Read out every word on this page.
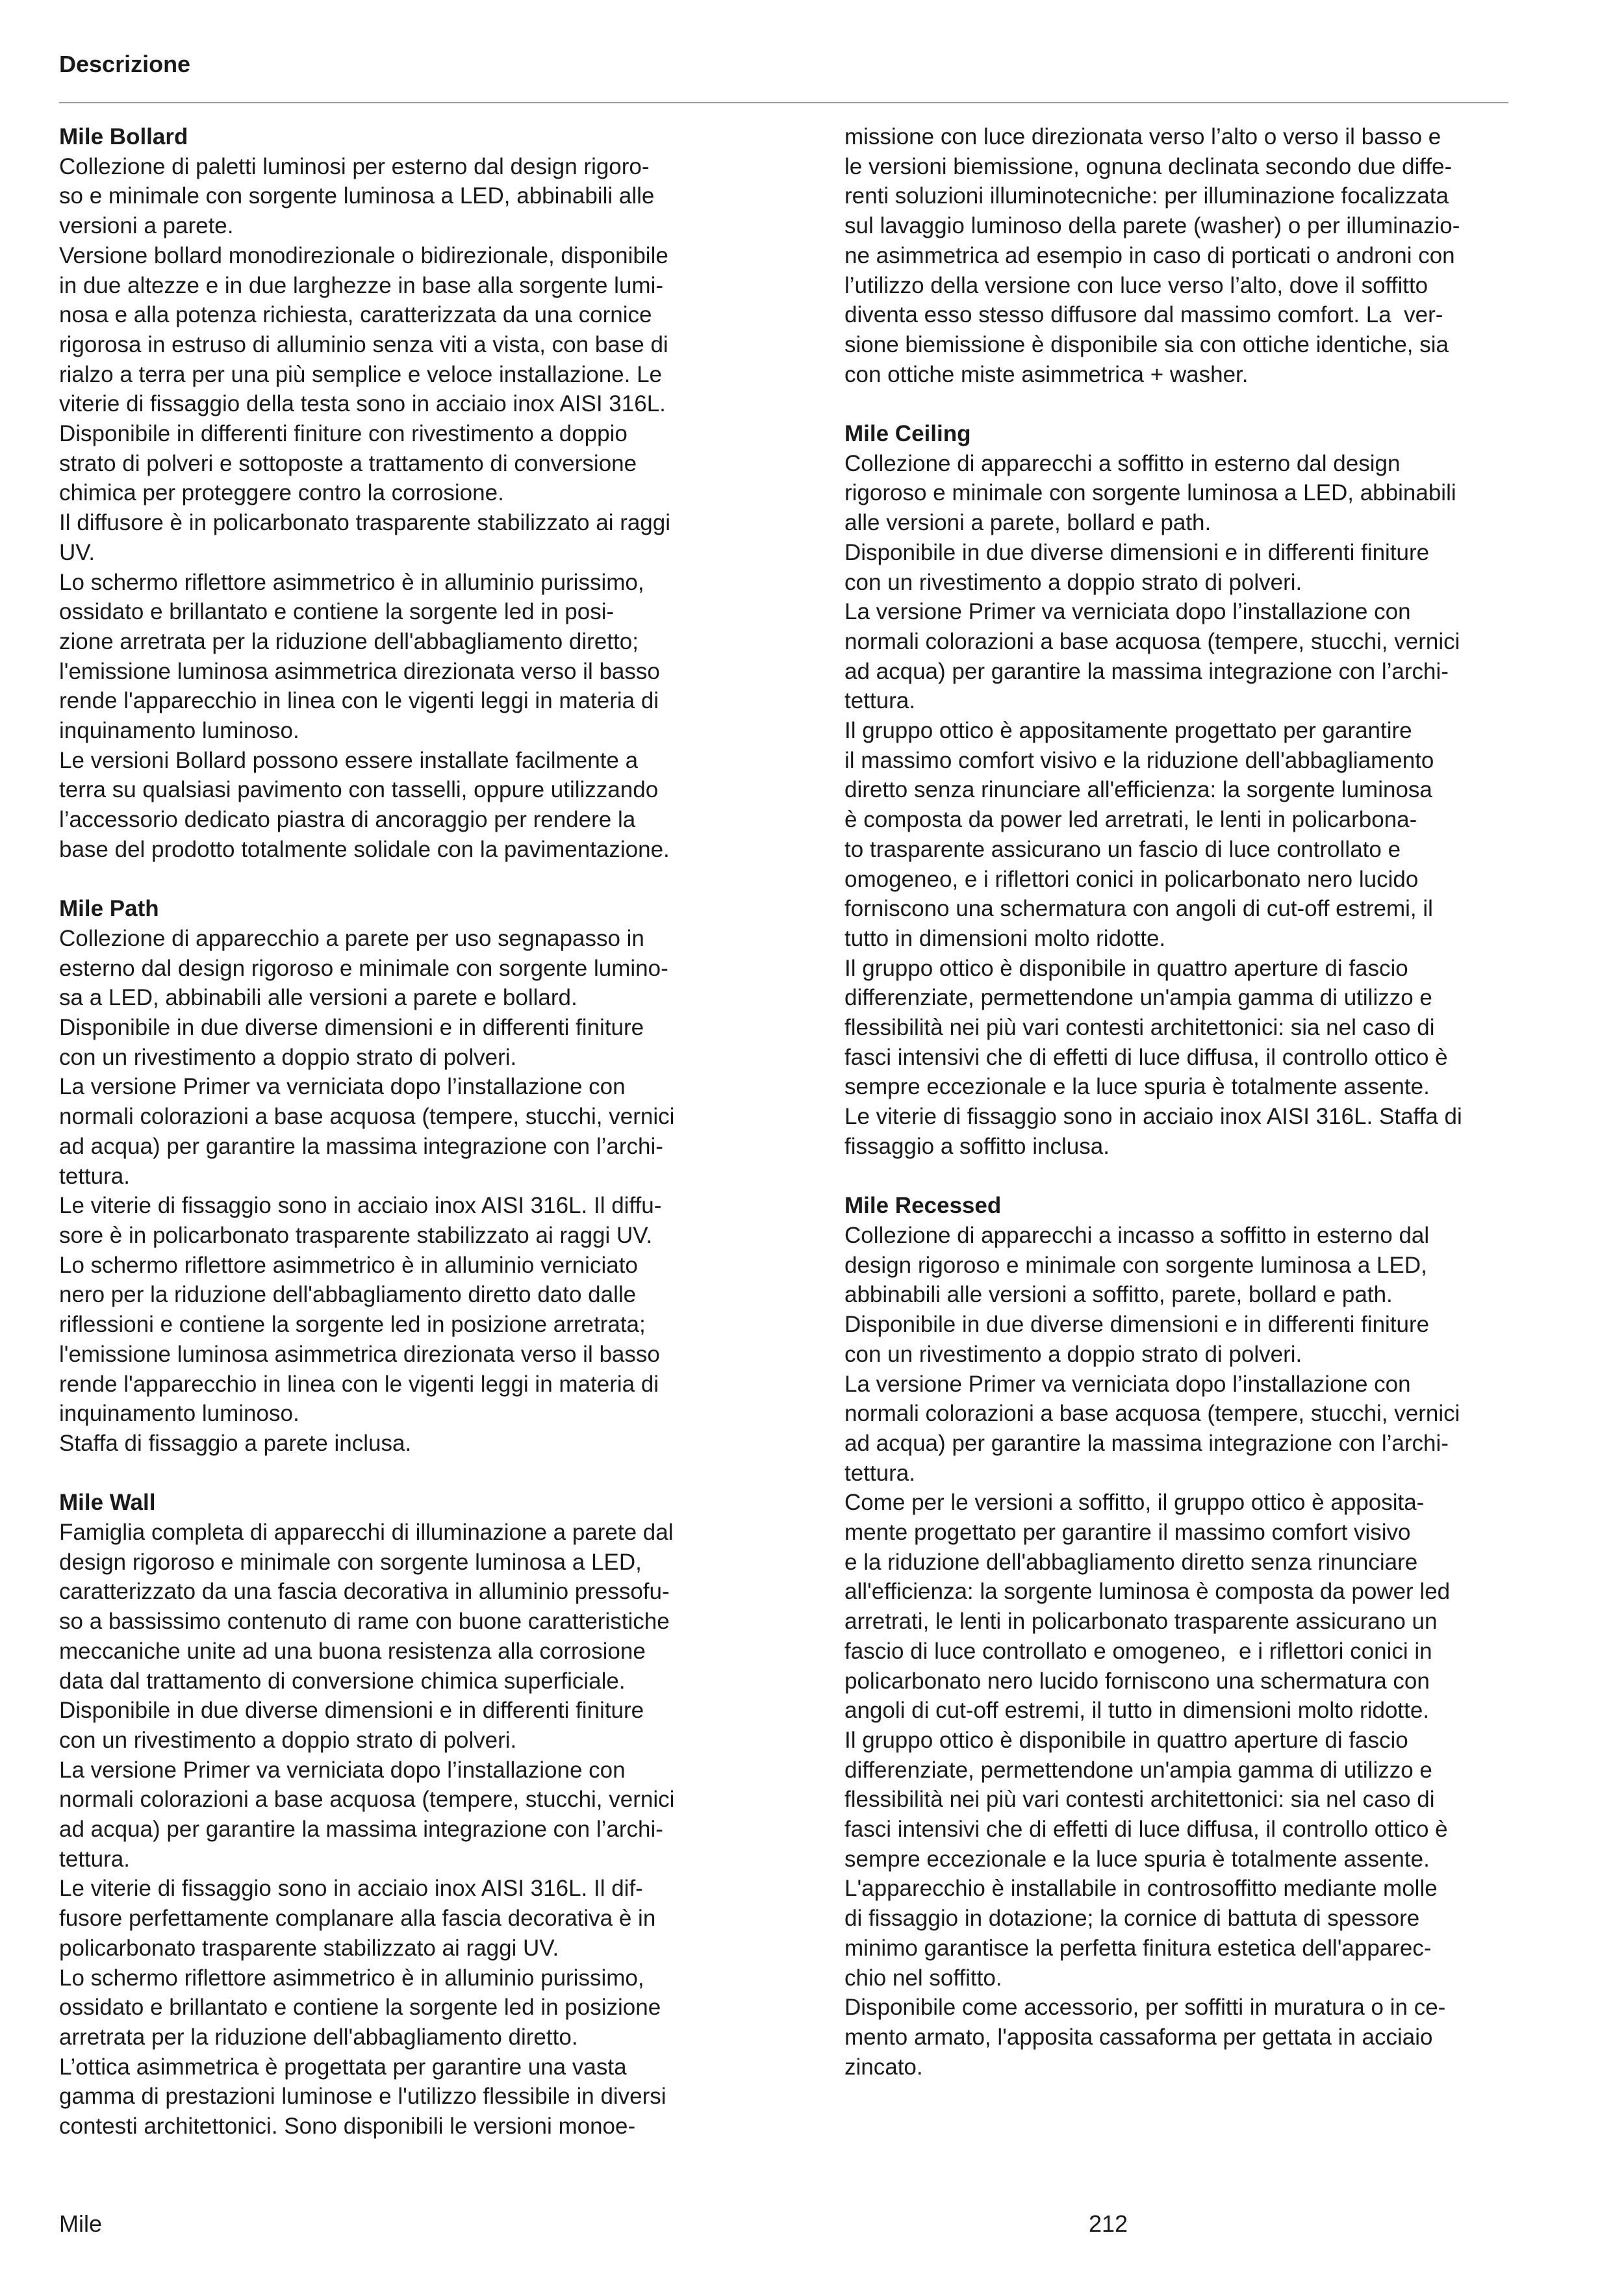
Descrizione
Mile Bollard
Collezione di paletti luminosi per esterno dal design rigoro-
so e minimale con sorgente luminosa a LED, abbinabili alle
versioni a parete.
Versione bollard monodirezionale o bidirezionale, disponibile
in due altezze e in due larghezze in base alla sorgente lumi-
nosa e alla potenza richiesta, caratterizzata da una cornice
rigorosa in estruso di alluminio senza viti a vista, con base di
rialzo a terra per una più semplice e veloce installazione. Le
viterie di fissaggio della testa sono in acciaio inox AISI 316L.
Disponibile in differenti finiture con rivestimento a doppio
strato di polveri e sottoposte a trattamento di conversione
chimica per proteggere contro la corrosione.
Il diffusore è in policarbonato trasparente stabilizzato ai raggi
UV.
Lo schermo riflettore asimmetrico è in alluminio purissimo,
ossidato e brillantato e contiene la sorgente led in posi-
zione arretrata per la riduzione dell'abbagliamento diretto;
l'emissione luminosa asimmetrica direzionata verso il basso
rende l'apparecchio in linea con le vigenti leggi in materia di
inquinamento luminoso.
Le versioni Bollard possono essere installate facilmente a
terra su qualsiasi pavimento con tasselli, oppure utilizzando
l’accessorio dedicato piastra di ancoraggio per rendere la
base del prodotto totalmente solidale con la pavimentazione.
Mile Path
Collezione di apparecchio a parete per uso segnapasso in
esterno dal design rigoroso e minimale con sorgente lumino-
sa a LED, abbinabili alle versioni a parete e bollard.
Disponibile in due diverse dimensioni e in differenti finiture
con un rivestimento a doppio strato di polveri.
La versione Primer va verniciata dopo l’installazione con
normali colorazioni a base acquosa (tempere, stucchi, vernici
ad acqua) per garantire la massima integrazione con l’archi-
tettura.
Le viterie di fissaggio sono in acciaio inox AISI 316L. Il diffu-
sore è in policarbonato trasparente stabilizzato ai raggi UV.
Lo schermo riflettore asimmetrico è in alluminio verniciato
nero per la riduzione dell'abbagliamento diretto dato dalle
riflessioni e contiene la sorgente led in posizione arretrata;
l'emissione luminosa asimmetrica direzionata verso il basso
rende l'apparecchio in linea con le vigenti leggi in materia di
inquinamento luminoso.
Staffa di fissaggio a parete inclusa.
Mile Wall
Famiglia completa di apparecchi di illuminazione a parete dal
design rigoroso e minimale con sorgente luminosa a LED,
caratterizzato da una fascia decorativa in alluminio pressofu-
so a bassissimo contenuto di rame con buone caratteristiche
meccaniche unite ad una buona resistenza alla corrosione
data dal trattamento di conversione chimica superficiale.
Disponibile in due diverse dimensioni e in differenti finiture
con un rivestimento a doppio strato di polveri.
La versione Primer va verniciata dopo l’installazione con
normali colorazioni a base acquosa (tempere, stucchi, vernici
ad acqua) per garantire la massima integrazione con l’archi-
tettura.
Le viterie di fissaggio sono in acciaio inox AISI 316L. Il dif-
fusore perfettamente complanare alla fascia decorativa è in
policarbonato trasparente stabilizzato ai raggi UV.
Lo schermo riflettore asimmetrico è in alluminio purissimo,
ossidato e brillantato e contiene la sorgente led in posizione
arretrata per la riduzione dell'abbagliamento diretto.
L’ottica asimmetrica è progettata per garantire una vasta
gamma di prestazioni luminose e l'utilizzo flessibile in diversi
contesti architettonici. Sono disponibili le versioni monoe-
missione con luce direzionata verso l’alto o verso il basso e
le versioni biemissione, ognuna declinata secondo due diffe-
renti soluzioni illuminotecniche: per illuminazione focalizzata
sul lavaggio luminoso della parete (washer) o per illuminazio-
ne asimmetrica ad esempio in caso di porticati o androni con
l’utilizzo della versione con luce verso l’alto, dove il soffitto
diventa esso stesso diffusore dal massimo comfort. La  ver-
sione biemissione è disponibile sia con ottiche identiche, sia
con ottiche miste asimmetrica + washer.
Mile Ceiling
Collezione di apparecchi a soffitto in esterno dal design
rigoroso e minimale con sorgente luminosa a LED, abbinabili
alle versioni a parete, bollard e path.
Disponibile in due diverse dimensioni e in differenti finiture
con un rivestimento a doppio strato di polveri.
La versione Primer va verniciata dopo l’installazione con
normali colorazioni a base acquosa (tempere, stucchi, vernici
ad acqua) per garantire la massima integrazione con l’archi-
tettura.
Il gruppo ottico è appositamente progettato per garantire
il massimo comfort visivo e la riduzione dell'abbagliamento
diretto senza rinunciare all'efficienza: la sorgente luminosa
è composta da power led arretrati, le lenti in policarbona-
to trasparente assicurano un fascio di luce controllato e
omogeneo, e i riflettori conici in policarbonato nero lucido
forniscono una schermatura con angoli di cut-off estremi, il
tutto in dimensioni molto ridotte.
Il gruppo ottico è disponibile in quattro aperture di fascio
differenziate, permettendone un'ampia gamma di utilizzo e
flessibilità nei più vari contesti architettonici: sia nel caso di
fasci intensivi che di effetti di luce diffusa, il controllo ottico è
sempre eccezionale e la luce spuria è totalmente assente.
Le viterie di fissaggio sono in acciaio inox AISI 316L. Staffa di
fissaggio a soffitto inclusa.
Mile Recessed
Collezione di apparecchi a incasso a soffitto in esterno dal
design rigoroso e minimale con sorgente luminosa a LED,
abbinabili alle versioni a soffitto, parete, bollard e path.
Disponibile in due diverse dimensioni e in differenti finiture
con un rivestimento a doppio strato di polveri.
La versione Primer va verniciata dopo l’installazione con
normali colorazioni a base acquosa (tempere, stucchi, vernici
ad acqua) per garantire la massima integrazione con l’archi-
tettura.
Come per le versioni a soffitto, il gruppo ottico è apposita-
mente progettato per garantire il massimo comfort visivo
e la riduzione dell'abbagliamento diretto senza rinunciare
all'efficienza: la sorgente luminosa è composta da power led
arretrati, le lenti in policarbonato trasparente assicurano un
fascio di luce controllato e omogeneo,  e i riflettori conici in
policarbonato nero lucido forniscono una schermatura con
angoli di cut-off estremi, il tutto in dimensioni molto ridotte.
Il gruppo ottico è disponibile in quattro aperture di fascio
differenziate, permettendone un'ampia gamma di utilizzo e
flessibilità nei più vari contesti architettonici: sia nel caso di
fasci intensivi che di effetti di luce diffusa, il controllo ottico è
sempre eccezionale e la luce spuria è totalmente assente.
L'apparecchio è installabile in controsoffitto mediante molle
di fissaggio in dotazione; la cornice di battuta di spessore
minimo garantisce la perfetta finitura estetica dell'apparec-
chio nel soffitto.
Disponibile come accessorio, per soffitti in muratura o in ce-
mento armato, l'apposita cassaforma per gettata in acciaio
zincato.
Mile	212
